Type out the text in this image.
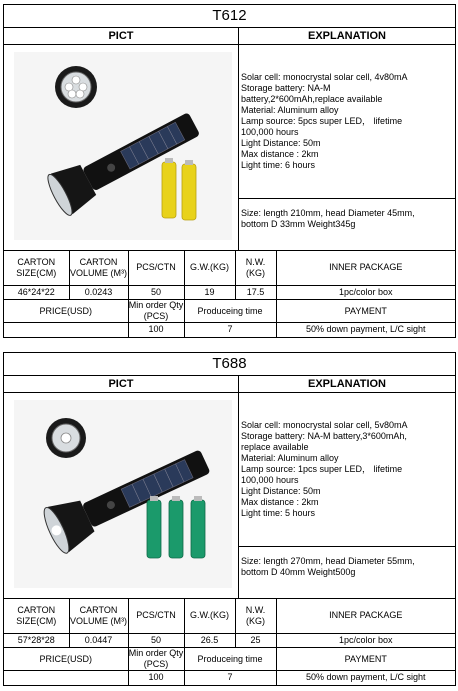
T612
PICT	EXPLANATION
Solar cell: monocrystal solar cell, 4v80mA
Storage battery: NA-M
battery,2*600mAh,replace available
Material: Aluminum alloy
Lamp source: 5pcs super LED， lifetime
100,000 hours
Light Distance: 50m
Max distance : 2km
Light time: 6 hours
Size: length 210mm, head Diameter 45mm,
bottom D 33mm Weight345g
CARTON SIZE(CM)	CARTON VOLUME (M³)	PCS/CTN	G.W.(KG)	N.W. (KG)	INNER PACKAGE
46*24*22	0.0243	50	19	17.5	1pc/color box
PRICE(USD)	Min order Qty (PCS)	Produceing time	PAYMENT
	100	7	50% down payment, L/C sight
T688
PICT	EXPLANATION
Solar cell: monocrystal solar cell, 5v80mA
Storage battery: NA-M battery,3*600mAh,
replace available
Material: Aluminum alloy
Lamp source: 1pcs super LED， lifetime
100,000 hours
Light Distance: 50m
Max distance : 2km
Light time: 5 hours
Size: length 270mm, head Diameter 55mm,
bottom D 40mm Weight500g
CARTON SIZE(CM)	CARTON VOLUME (M³)	PCS/CTN	G.W.(KG)	N.W. (KG)	INNER PACKAGE
57*28*28	0.0447	50	26.5	25	1pc/color box
PRICE(USD)	Min order Qty (PCS)	Produceing time	PAYMENT
	100	7	50% down payment, L/C sight
